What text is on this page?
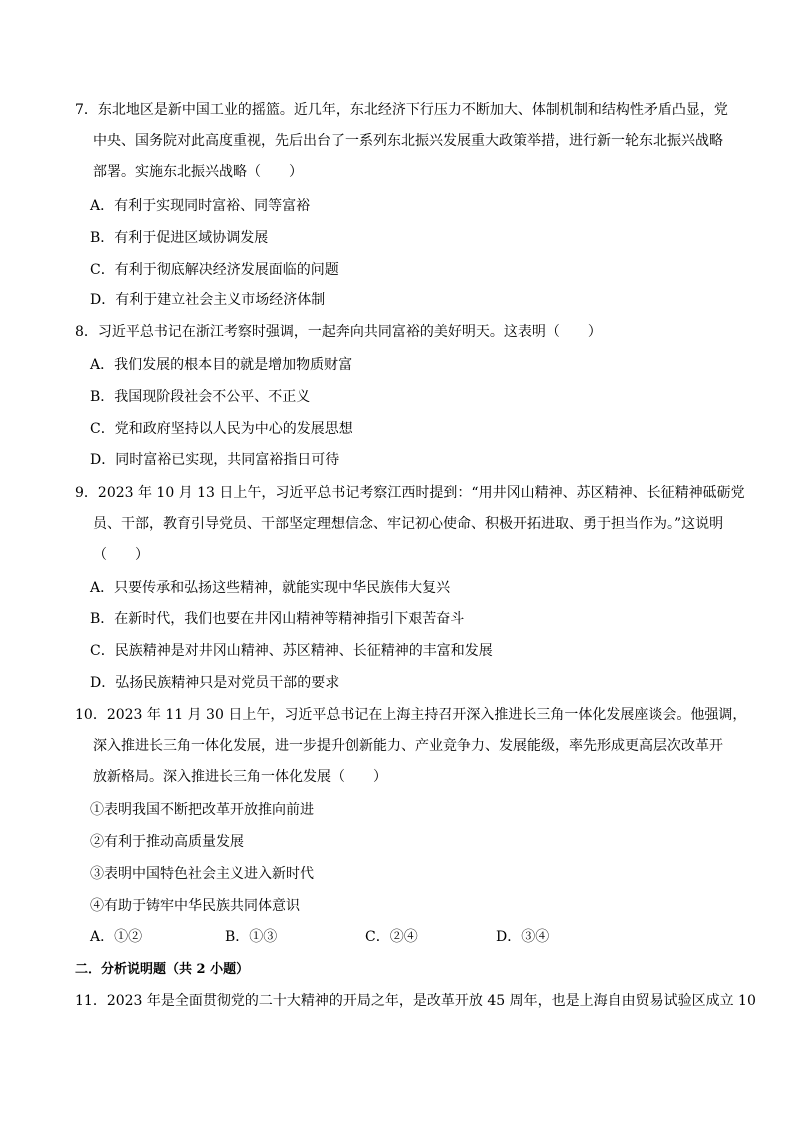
7．东北地区是新中国工业的摇篮。近几年，东北经济下行压力不断加大、体制机制和结构性矛盾凸显，党
中央、国务院对此高度重视，先后出台了一系列东北振兴发展重大政策举措，进行新一轮东北振兴战略
部署。实施东北振兴战略（　　）
A．有利于实现同时富裕、同等富裕
B．有利于促进区域协调发展
C．有利于彻底解决经济发展面临的问题
D．有利于建立社会主义市场经济体制
8．习近平总书记在浙江考察时强调，一起奔向共同富裕的美好明天。这表明（　　）
A．我们发展的根本目的就是增加物质财富
B．我国现阶段社会不公平、不正义
C．党和政府坚持以人民为中心的发展思想
D．同时富裕已实现，共同富裕指日可待
9．2023 年 10 月 13 日上午，习近平总书记考察江西时提到：“用井冈山精神、苏区精神、长征精神砥砺党
员、干部，教育引导党员、干部坚定理想信念、牢记初心使命、积极开拓进取、勇于担当作为。”这说明
（　　）
A．只要传承和弘扬这些精神，就能实现中华民族伟大复兴
B．在新时代，我们也要在井冈山精神等精神指引下艰苦奋斗
C．民族精神是对井冈山精神、苏区精神、长征精神的丰富和发展
D．弘扬民族精神只是对党员干部的要求
10．2023 年 11 月 30 日上午，习近平总书记在上海主持召开深入推进长三角一体化发展座谈会。他强调，
深入推进长三角一体化发展，进一步提升创新能力、产业竞争力、发展能级，率先形成更高层次改革开
放新格局。深入推进长三角一体化发展（　　）
①表明我国不断把改革开放推向前进
②有利于推动高质量发展
③表明中国特色社会主义进入新时代
④有助于铸牢中华民族共同体意识
A．①②	B．①③	C．②④	D．③④
二．分析说明题（共 2 小题）
11．2023 年是全面贯彻党的二十大精神的开局之年，是改革开放 45 周年，也是上海自由贸易试验区成立 10
